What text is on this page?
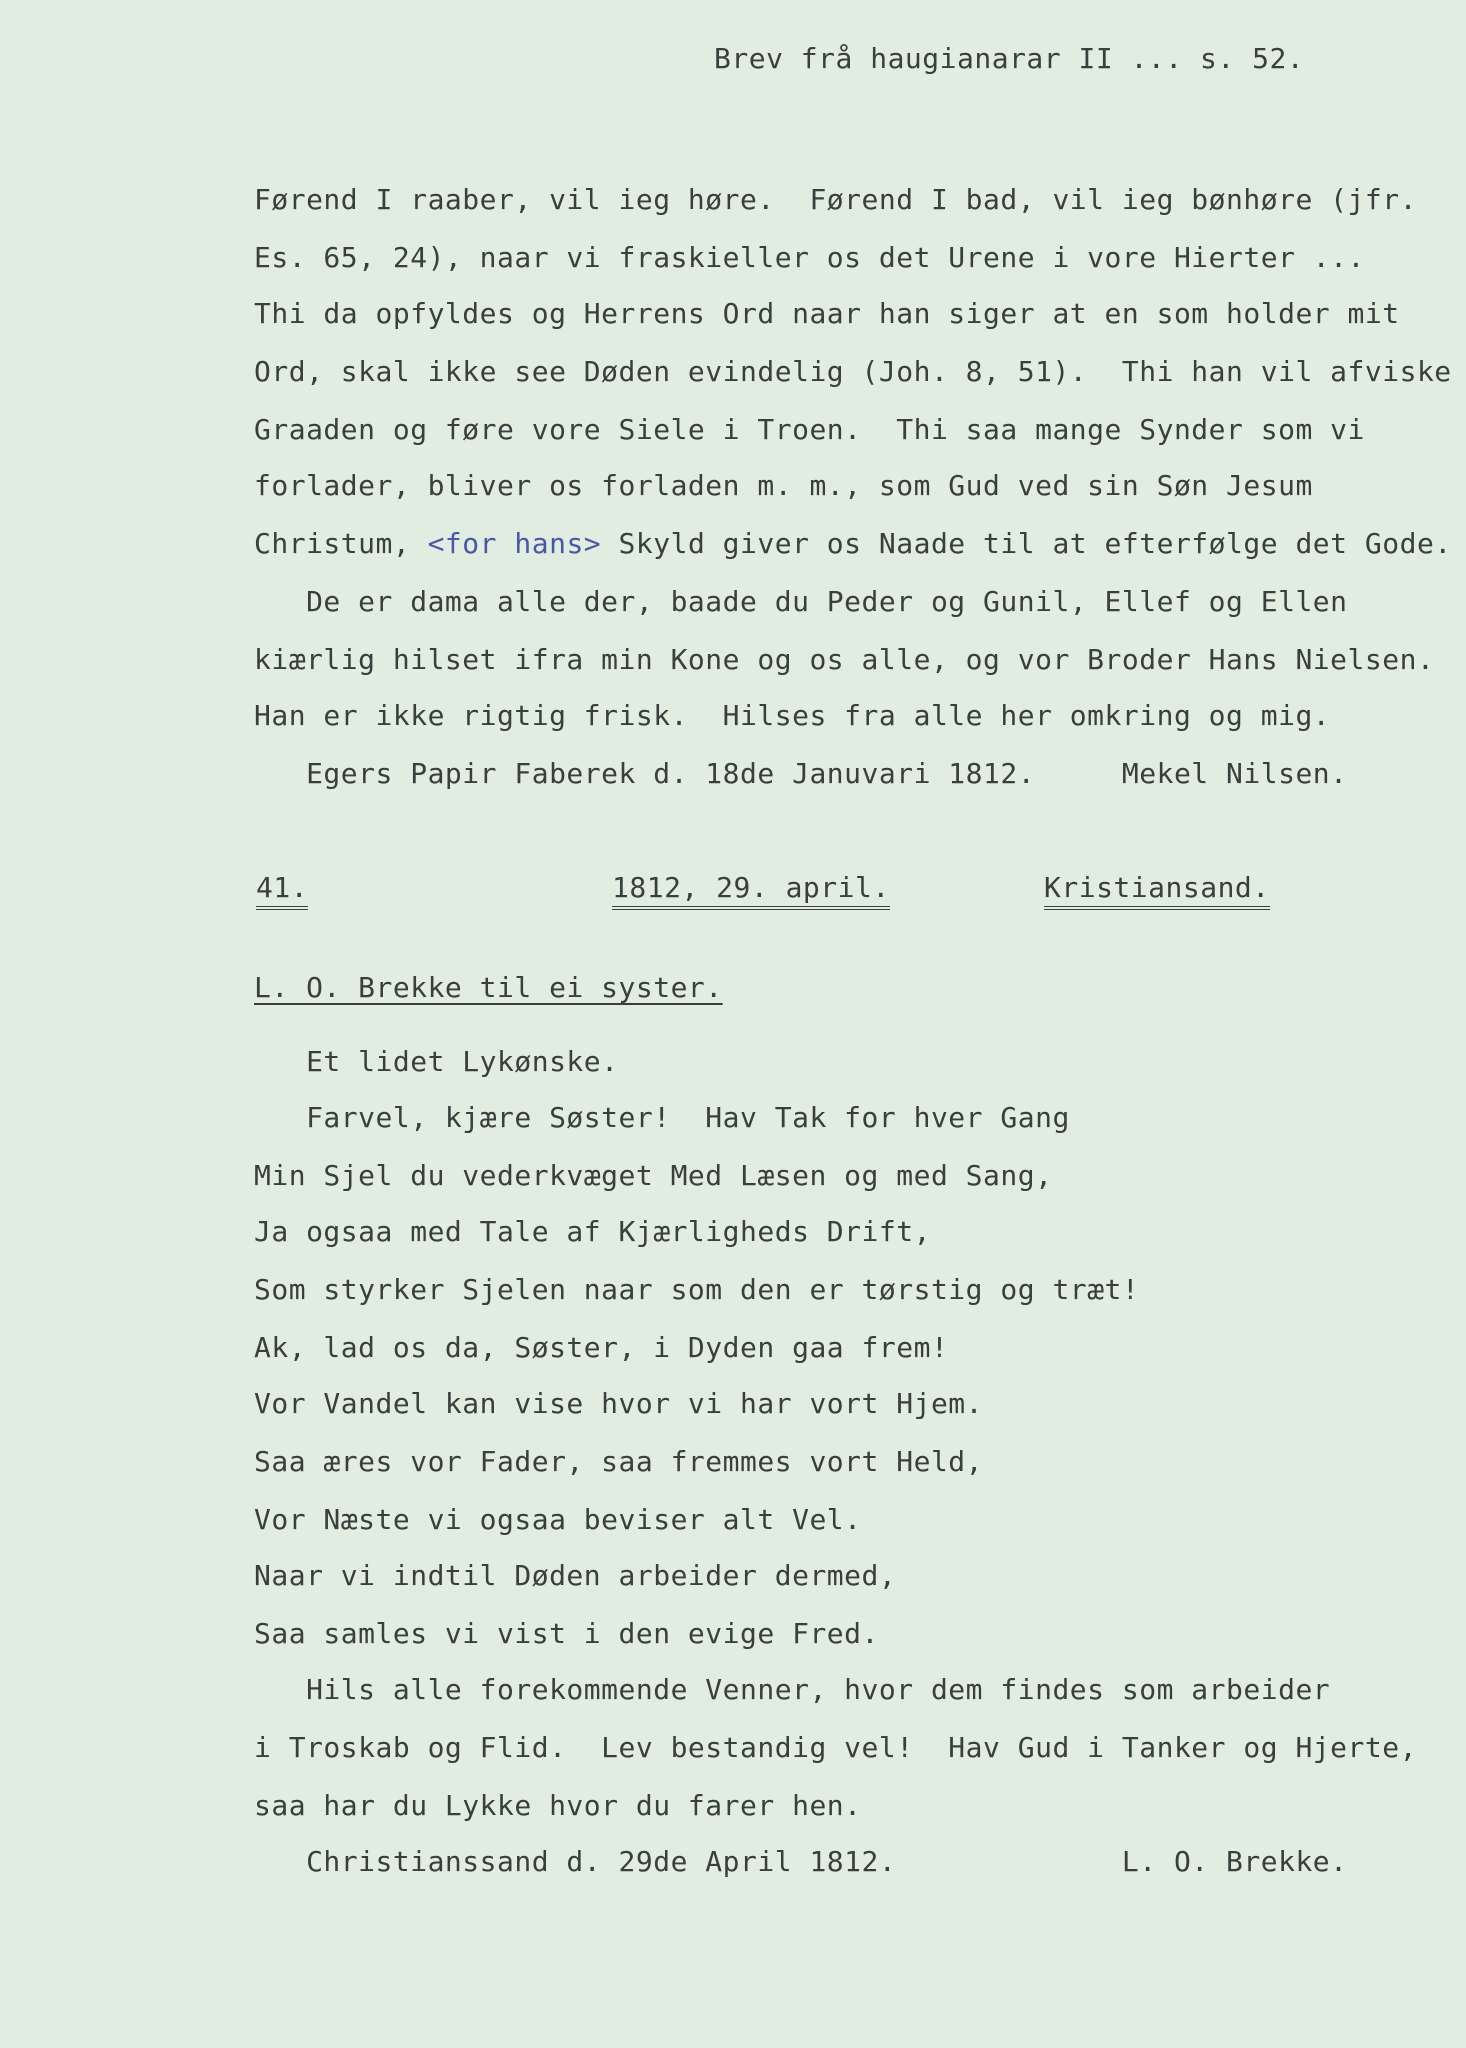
Brev frå haugianarar II ... s. 52.
Førend I raaber, vil ieg høre.  Førend I bad, vil ieg bønhøre (jfr.
Es. 65, 24), naar vi fraskieller os det Urene i vore Hierter ...
Thi da opfyldes og Herrens Ord naar han siger at en som holder mit
Ord, skal ikke see Døden evindelig (Joh. 8, 51).  Thi han vil afviske
Graaden og føre vore Siele i Troen.  Thi saa mange Synder som vi
forlader, bliver os forladen m. m., som Gud ved sin Søn Jesum
Christum, <for hans> Skyld giver os Naade til at efterfølge det Gode.
De er dama alle der, baade du Peder og Gunil, Ellef og Ellen
kiærlig hilset ifra min Kone og os alle, og vor Broder Hans Nielsen.
Han er ikke rigtig frisk.  Hilses fra alle her omkring og mig.
Egers Papir Faberek d. 18de Januvari 1812.     Mekel Nilsen.
41.	1812, 29. april.	Kristiansand.
L. O. Brekke til ei syster.
Et lidet Lykønske.
Farvel, kjære Søster!  Hav Tak for hver Gang
Min Sjel du vederkvæget Med Læsen og med Sang,
Ja ogsaa med Tale af Kjærligheds Drift,
Som styrker Sjelen naar som den er tørstig og træt!
Ak, lad os da, Søster, i Dyden gaa frem!
Vor Vandel kan vise hvor vi har vort Hjem.
Saa æres vor Fader, saa fremmes vort Held,
Vor Næste vi ogsaa beviser alt Vel.
Naar vi indtil Døden arbeider dermed,
Saa samles vi vist i den evige Fred.
Hils alle forekommende Venner, hvor dem findes som arbeider
i Troskab og Flid.  Lev bestandig vel!  Hav Gud i Tanker og Hjerte,
saa har du Lykke hvor du farer hen.
Christianssand d. 29de April 1812.             L. O. Brekke.
